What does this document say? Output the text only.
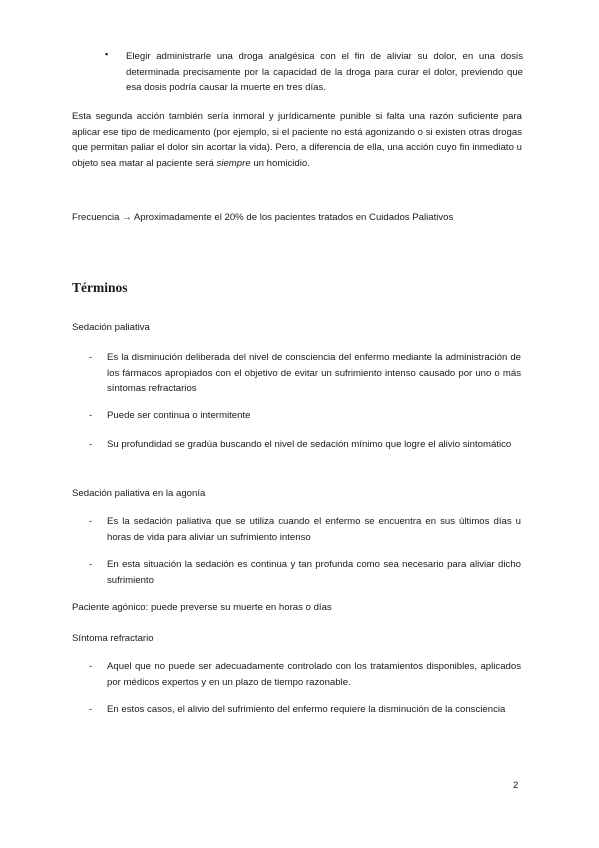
▪ Elegir administrarle una droga analgésica con el fin de aliviar su dolor, en una dosis determinada precisamente por la capacidad de la droga para curar el dolor, previendo que esa dosis podría causar la muerte en tres días.
Esta segunda acción también sería inmoral y jurídicamente punible si falta una razón suficiente para aplicar ese tipo de medicamento (por ejemplo, si el paciente no está agonizando o si existen otras drogas que permitan paliar el dolor sin acortar la vida). Pero, a diferencia de ella, una acción cuyo fin inmediato u objeto sea matar al paciente será siempre un homicidio.
Frecuencia → Aproximadamente el 20% de los pacientes tratados en Cuidados Paliativos
Términos
Sedación paliativa
- Es la disminución deliberada del nivel de consciencia del enfermo mediante la administración de los fármacos apropiados con el objetivo de evitar un sufrimiento intenso causado por uno o más síntomas refractarios
- Puede ser continua o intermitente
- Su profundidad se gradúa buscando el nivel de sedación mínimo que logre el alivio sintomático
Sedación paliativa en la agonía
- Es la sedación paliativa que se utiliza cuando el enfermo se encuentra en sus últimos días u horas de vida para aliviar un sufrimiento intenso
- En esta situación la sedación es continua y tan profunda como sea necesario para aliviar dicho sufrimiento
Paciente agónico: puede preverse su muerte en horas o días
Síntoma refractario
- Aquel que no puede ser adecuadamente controlado con los tratamientos disponibles, aplicados por médicos expertos y en un plazo de tiempo razonable.
- En estos casos, el alivio del sufrimiento del enfermo requiere la disminución de la consciencia
2
